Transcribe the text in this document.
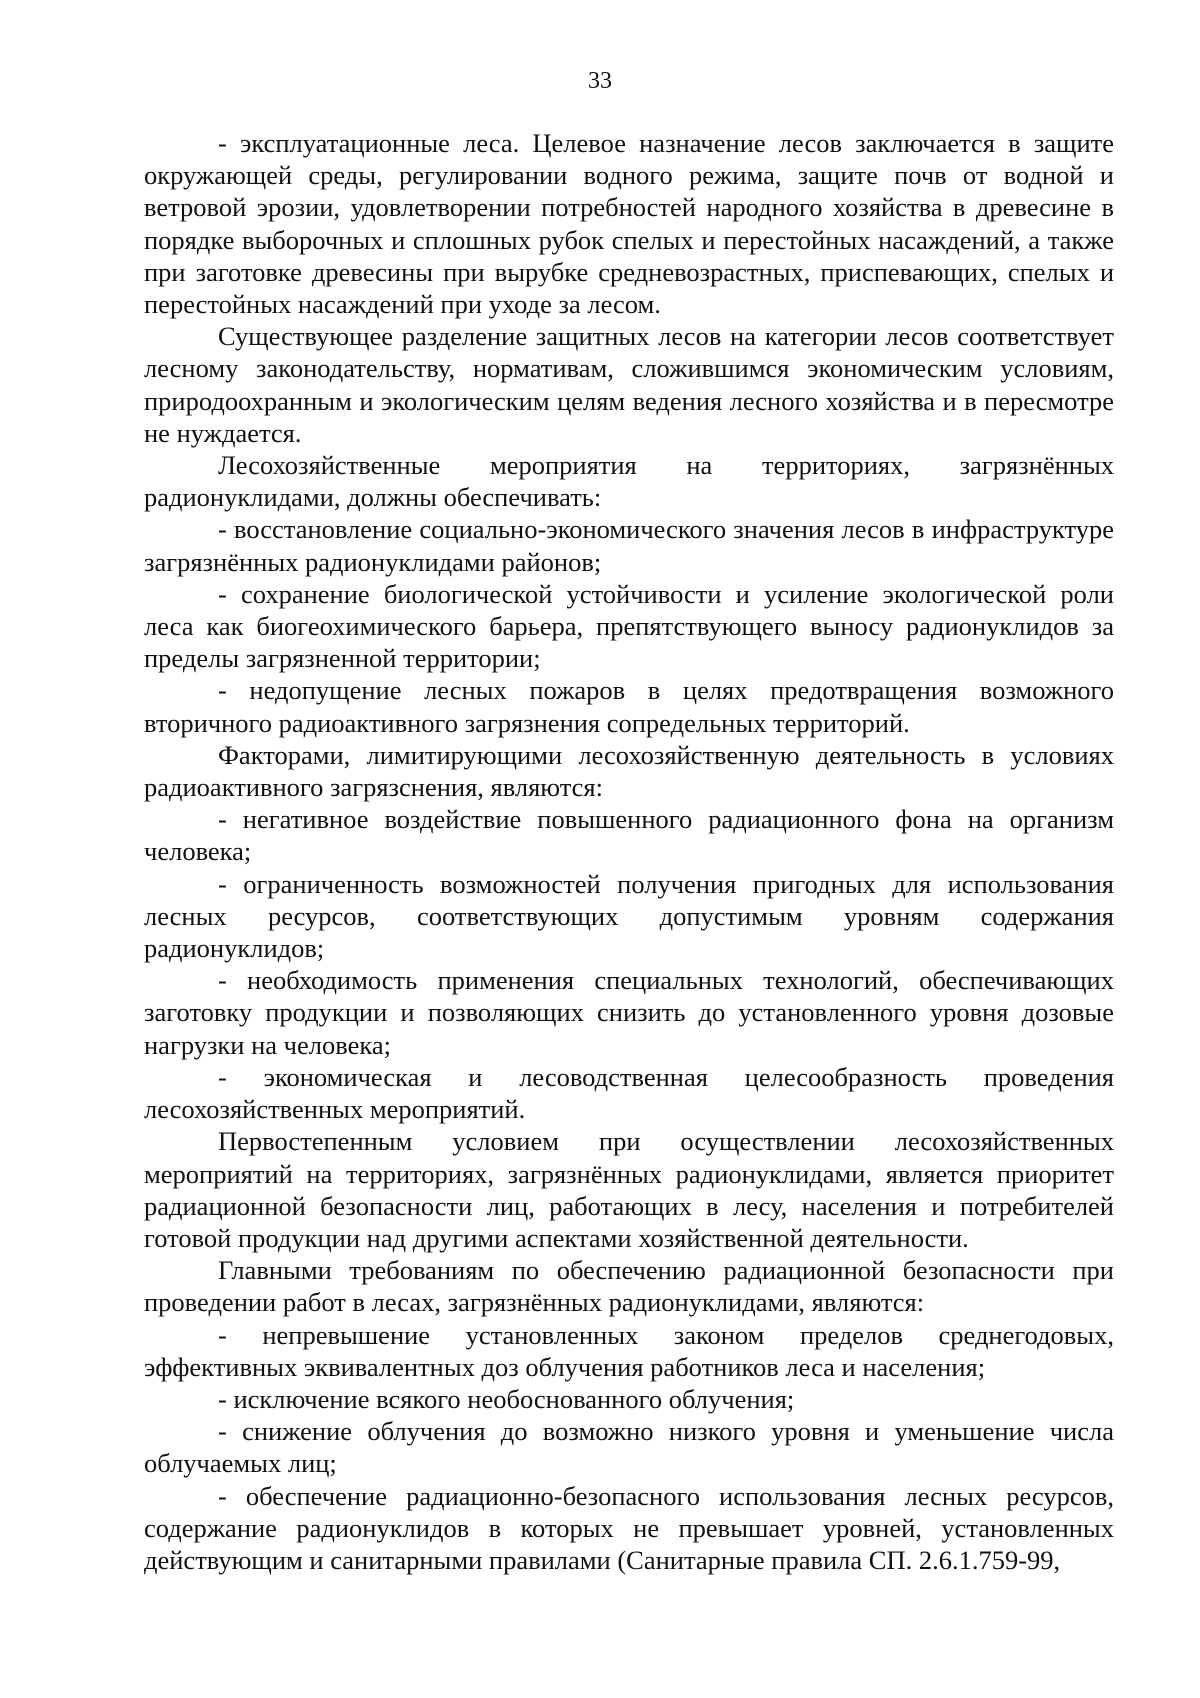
33

- эксплуатационные леса. Целевое назначение лесов заключается в защите окружающей среды, регулировании водного режима, защите почв от водной и ветровой эрозии, удовлетворении потребностей народного хозяйства в древесине в порядке выборочных и сплошных рубок спелых и перестойных насаждений, а также при заготовке древесины при вырубке средневозрастных, приспевающих, спелых и перестойных насаждений при уходе за лесом.

Существующее разделение защитных лесов на категории лесов соответствует лесному законодательству, нормативам, сложившимся экономическим условиям, природоохранным и экологическим целям ведения лесного хозяйства и в пересмотре не нуждается.

Лесохозяйственные мероприятия на территориях, загрязнённых радионуклидами, должны обеспечивать:

- восстановление социально-экономического значения лесов в инфраструктуре загрязнённых радионуклидами районов;

- сохранение биологической устойчивости и усиление экологической роли леса как биогеохимического барьера, препятствующего выносу радионуклидов за пределы загрязненной территории;

- недопущение лесных пожаров в целях предотвращения возможного вторичного радиоактивного загрязнения сопредельных территорий.

Факторами, лимитирующими лесохозяйственную деятельность в условиях радиоактивного загрязснения, являются:

- негативное воздействие повышенного радиационного фона на организм человека;

- ограниченность возможностей получения пригодных для использования лесных ресурсов, соответствующих допустимым уровням содержания радионуклидов;

- необходимость применения специальных технологий, обеспечивающих заготовку продукции и позволяющих снизить до установленного уровня дозовые нагрузки на человека;

- экономическая и лесоводственная целесообразность проведения лесохозяйственных мероприятий.

Первостепенным условием при осуществлении лесохозяйственных мероприятий на территориях, загрязнённых радионуклидами, является приоритет радиационной безопасности лиц, работающих в лесу, населения и потребителей готовой продукции над другими аспектами хозяйственной деятельности.

Главными требованиям по обеспечению радиационной безопасности при проведении работ в лесах, загрязнённых радионуклидами, являются:

- непревышение установленных законом пределов среднегодовых, эффективных эквивалентных доз облучения работников леса и населения;

- исключение всякого необоснованного облучения;

- снижение облучения до возможно низкого уровня и уменьшение числа облучаемых лиц;

- обеспечение радиационно-безопасного использования лесных ресурсов, содержание радионуклидов в которых не превышает уровней, установленных действующим и санитарными правилами (Санитарные правила СП. 2.6.1.759-99,
